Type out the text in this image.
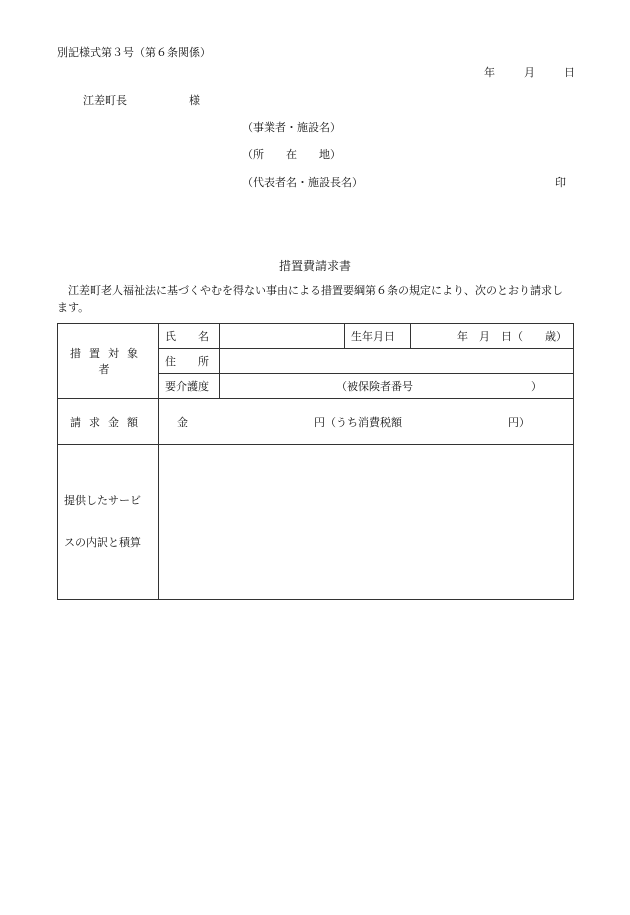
別記様式第３号（第６条関係）
年	月	日
江差町長	様
（事業者・施設名）
（所　　在　　地）
（代表者名・施設長名）	印
措置費請求書
江差町老人福祉法に基づくやむを得ない事由による措置要綱第６条の規定により、次のとおり請求します。
措置対象者	氏　　名		生年月日	年　月　日（　　歳）
	住　　所			
	要介護度	（被保険者番号 ）		
請求金額	金 円（うち消費税額 円）			

提供したサービ
スの内訳と積算				
